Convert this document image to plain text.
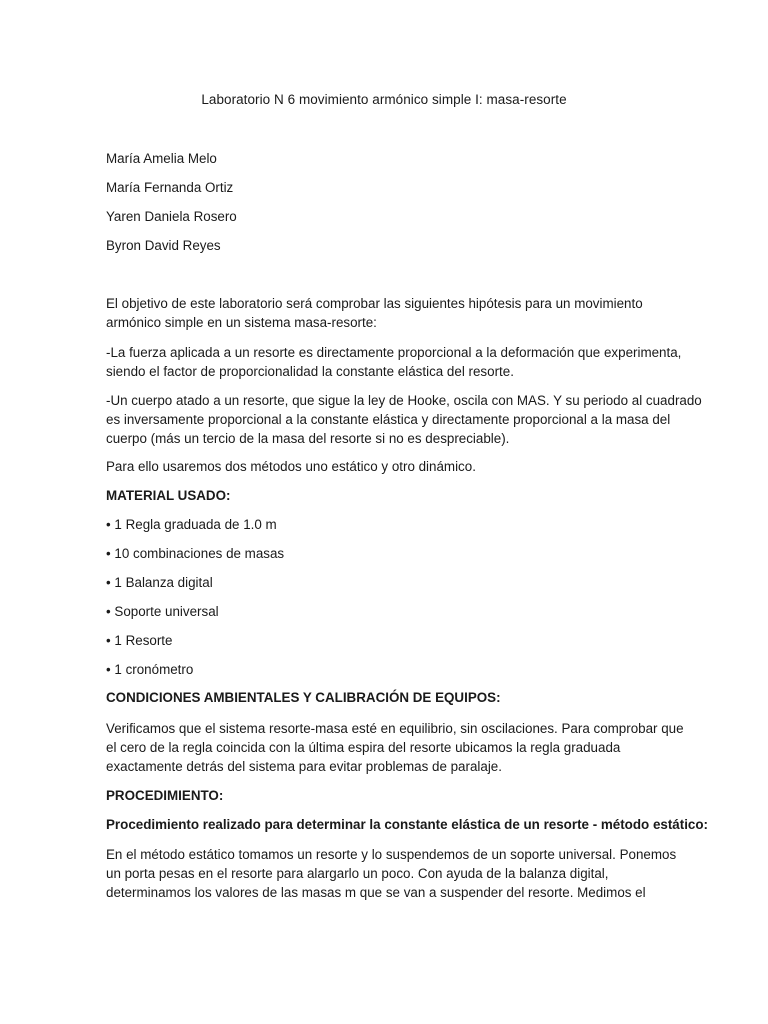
Laboratorio N 6 movimiento armónico simple I: masa-resorte
María Amelia Melo
María Fernanda Ortiz
Yaren Daniela Rosero
Byron David Reyes
El objetivo de este laboratorio será comprobar las siguientes hipótesis para un movimiento
armónico simple en un sistema masa-resorte:
-La fuerza aplicada a un resorte es directamente proporcional a la deformación que experimenta,
siendo el factor de proporcionalidad la constante elástica del resorte.
-Un cuerpo atado a un resorte, que sigue la ley de Hooke, oscila con MAS. Y su periodo al cuadrado
es inversamente proporcional a la constante elástica y directamente proporcional a la masa del
cuerpo (más un tercio de la masa del resorte si no es despreciable).
Para ello usaremos dos métodos uno estático y otro dinámico.
MATERIAL USADO:
• 1 Regla graduada de 1.0 m
• 10 combinaciones de masas
• 1 Balanza digital
• Soporte universal
• 1 Resorte
• 1 cronómetro
CONDICIONES AMBIENTALES Y CALIBRACIÓN DE EQUIPOS:
Verificamos que el sistema resorte-masa esté en equilibrio, sin oscilaciones. Para comprobar que
el cero de la regla coincida con la última espira del resorte ubicamos la regla graduada
exactamente detrás del sistema para evitar problemas de paralaje.
PROCEDIMIENTO:
Procedimiento realizado para determinar la constante elástica de un resorte - método estático:
En el método estático tomamos un resorte y lo suspendemos de un soporte universal. Ponemos
un porta pesas en el resorte para alargarlo un poco. Con ayuda de la balanza digital,
determinamos los valores de las masas m que se van a suspender del resorte. Medimos el
